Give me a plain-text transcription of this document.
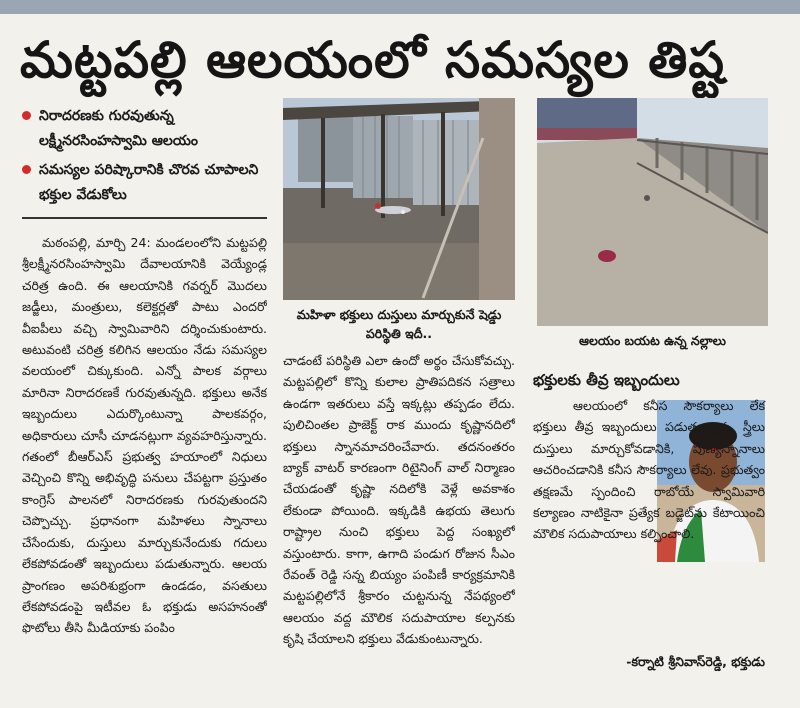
మట్టపల్లి ఆలయంలో సమస్యల తిష్ట
నిరాదరణకు గురవుతున్న లక్ష్మీనరసింహస్వామి ఆలయం
సమస్యల పరిష్కారానికి చొరవ చూపాలని భక్తుల వేడుకోలు

మఠంపల్లి, మార్చి 24: మండలంలోని మట్టపల్లి శ్రీలక్ష్మీనరసింహస్వామి దేవాలయానికి వెయ్యేండ్ల చరిత్ర ఉంది. ఈ ఆలయానికి గవర్నర్ మొదలు జడ్జీలు, మంత్రులు, కలెక్టర్లతో పాటు ఎందరో వీఐపీలు వచ్చి స్వామివారిని దర్శించుకుంటారు. అటువంటి చరిత్ర కలిగిన ఆలయం నేడు సమస్యల వలయంలో చిక్కుకుంది. ఎన్నో పాలక వర్గాలు మారినా నిరాదరణకే గురవుతున్నది. భక్తులు అనేక ఇబ్బందులు ఎదుర్కొంటున్నా పాలకవర్గం, అధికారులు చూసీ చూడనట్లుగా వ్యవహరిస్తున్నారు. గతంలో బీఆర్ఎస్ ప్రభుత్వ హయాంలో నిధులు వెచ్చించి కొన్ని అభివృద్ధి పనులు చేపట్టగా ప్రస్తుతం కాంగ్రెస్ పాలనలో నిరాదరణకు గురవుతుందని చెప్పొచ్చు. ప్రధానంగా మహిళలు స్నానాలు చేసేందుకు, దుస్తులు మార్చుకునేందుకు గదులు లేకపోవడంతో ఇబ్బందులు పడుతున్నారు. ఆలయ ప్రాంగణం అపరిశుభ్రంగా ఉండడం, వసతులు లేకపోవడంపై ఇటీవల ఓ భక్తుడు అసహనంతో ఫొటోలు తీసి మీడియాకు పంపిం

మహిళా భక్తులు దుస్తులు మార్చుకునే షెడ్డు పరిస్థితి ఇదీ..	ఆలయం బయట ఉన్న నల్లాలు

చాడంటే పరిస్థితి ఎలా ఉందో అర్థం చేసుకోవచ్చు. మట్టపల్లిలో కొన్ని కులాల ప్రాతిపదికన సత్రాలు ఉండగా ఇతరులు వస్తే ఇక్కట్లు తప్పడం లేదు. పులిచింతల ప్రాజెక్ట్ రాక ముందు కృష్ణానదిలో భక్తులు స్నానమాచరించేవారు. తదనంతరం బ్యాక్ వాటర్ కారణంగా రిటైనింగ్ వాల్ నిర్మాణం చేయడంతో కృష్ణా నదిలోకి వెళ్లే అవకాశం లేకుండా పోయింది. ఇక్కడికి ఉభయ తెలుగు రాష్ట్రాల నుంచి భక్తులు పెద్ద సంఖ్యలో వస్తుంటారు. కాగా, ఉగాది పండుగ రోజున సీఎం రేవంత్ రెడ్డి సన్న బియ్యం పంపిణీ కార్యక్రమానికి మట్టపల్లిలోనే శ్రీకారం చుట్టనున్న నేపథ్యంలో ఆలయం వద్ద మౌలిక సదుపాయాల కల్పనకు కృషి చేయాలని భక్తులు వేడుకుంటున్నారు.

భక్తులకు తీవ్ర ఇబ్బందులు

ఆలయంలో కనీస సౌకర్యాలు లేక భక్తులు తీవ్ర ఇబ్బందులు పడుతున్నారు. స్త్రీలు దుస్తులు మార్చుకోవడానికి, పుణ్యస్నానాలు ఆచరించడానికి కనీస సౌకర్యాలు లేవు. ప్రభుత్వం తక్షణమే స్పందించి రాబోయే స్వామివారి కల్యాణం నాటికైనా ప్రత్యేక బడ్జెట్‌ను కేటాయించి మౌలిక సదుపాయాలు కల్పించాలి.

-కర్నాటి శ్రీనివాస్‌రెడ్డి, భక్తుడు
